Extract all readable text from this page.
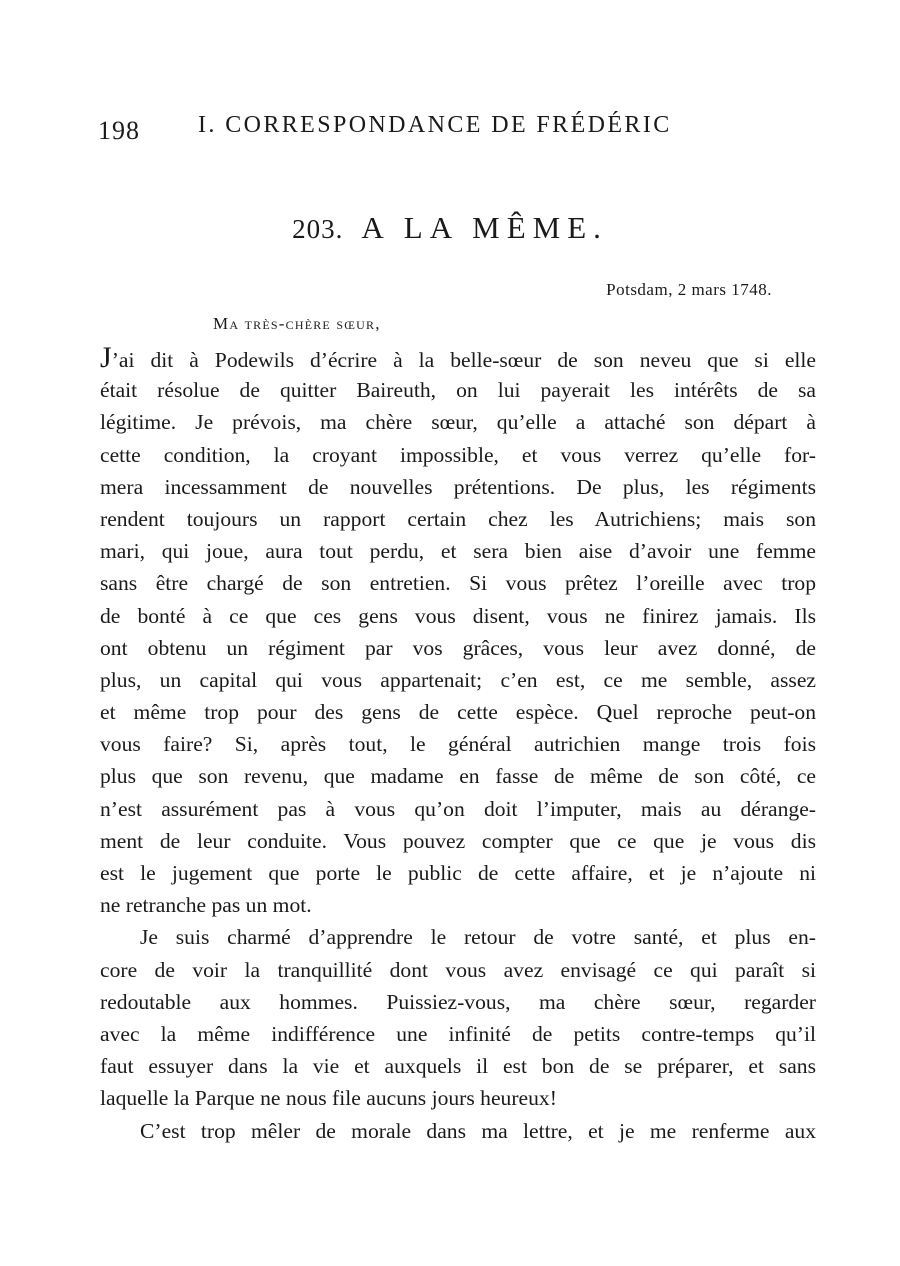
198 I. CORRESPONDANCE DE FRÉDÉRIC
203. A LA MÊME.
Potsdam, 2 mars 1748.
Ma très-chère sœur,
J’ai dit à Podewils d’écrire à la belle-sœur de son neveu que si elle
était résolue de quitter Baireuth, on lui payerait les intérêts de sa
légitime. Je prévois, ma chère sœur, qu’elle a attaché son départ à
cette condition, la croyant impossible, et vous verrez qu’elle for-
mera incessamment de nouvelles prétentions. De plus, les régiments
rendent toujours un rapport certain chez les Autrichiens; mais son
mari, qui joue, aura tout perdu, et sera bien aise d’avoir une femme
sans être chargé de son entretien. Si vous prêtez l’oreille avec trop
de bonté à ce que ces gens vous disent, vous ne finirez jamais. Ils
ont obtenu un régiment par vos grâces, vous leur avez donné, de
plus, un capital qui vous appartenait; c’en est, ce me semble, assez
et même trop pour des gens de cette espèce. Quel reproche peut-on
vous faire? Si, après tout, le général autrichien mange trois fois
plus que son revenu, que madame en fasse de même de son côté, ce
n’est assurément pas à vous qu’on doit l’imputer, mais au dérange-
ment de leur conduite. Vous pouvez compter que ce que je vous dis
est le jugement que porte le public de cette affaire, et je n’ajoute ni
ne retranche pas un mot.
Je suis charmé d’apprendre le retour de votre santé, et plus en-
core de voir la tranquillité dont vous avez envisagé ce qui paraît si
redoutable aux hommes. Puissiez-vous, ma chère sœur, regarder
avec la même indifférence une infinité de petits contre-temps qu’il
faut essuyer dans la vie et auxquels il est bon de se préparer, et sans
laquelle la Parque ne nous file aucuns jours heureux!
C’est trop mêler de morale dans ma lettre, et je me renferme aux
